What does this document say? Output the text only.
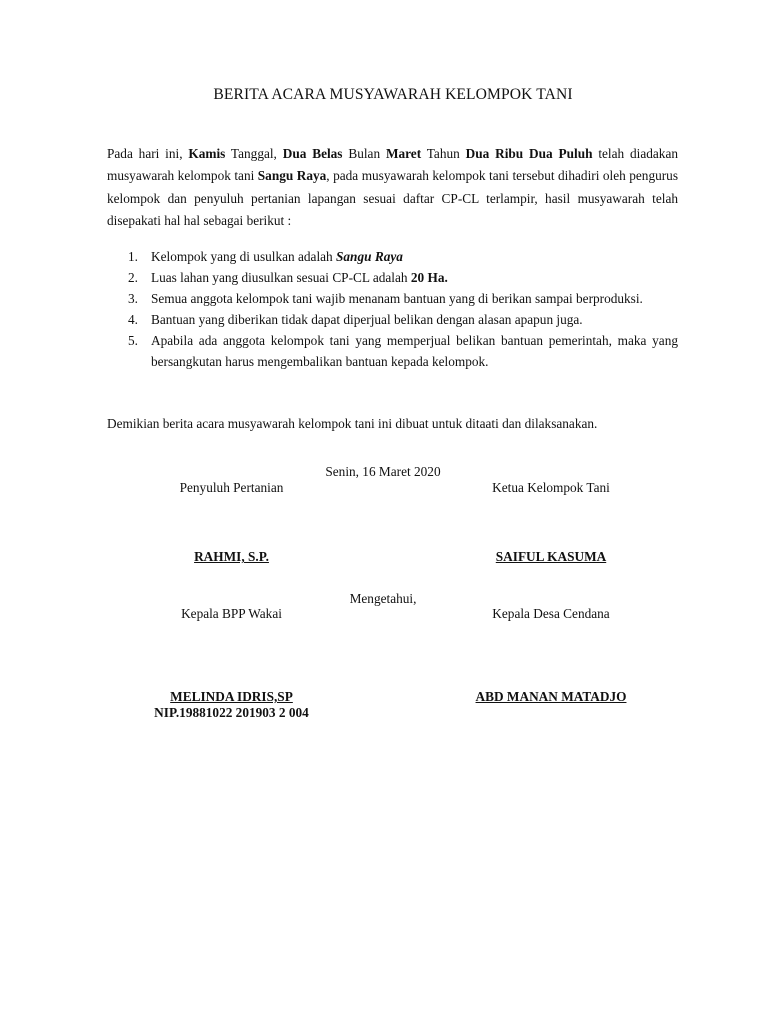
BERITA ACARA MUSYAWARAH KELOMPOK TANI
Pada hari ini, Kamis Tanggal, Dua Belas Bulan Maret Tahun Dua Ribu Dua Puluh telah diadakan musyawarah kelompok tani Sangu Raya, pada musyawarah kelompok tani tersebut dihadiri oleh pengurus kelompok dan penyuluh pertanian lapangan sesuai daftar CP-CL terlampir, hasil musyawarah telah disepakati hal hal sebagai berikut :
1. Kelompok yang di usulkan adalah Sangu Raya
2. Luas lahan yang diusulkan sesuai CP-CL adalah 20 Ha.
3. Semua anggota kelompok tani wajib menanam bantuan yang di berikan sampai berproduksi.
4. Bantuan yang diberikan tidak dapat diperjual belikan dengan alasan apapun juga.
5. Apabila ada anggota kelompok tani yang memperjual belikan bantuan pemerintah, maka yang bersangkutan harus mengembalikan bantuan kepada kelompok.
Demikian berita acara musyawarah kelompok tani ini dibuat untuk ditaati dan dilaksanakan.
Senin, 16 Maret 2020
Penyuluh Pertanian	Ketua Kelompok Tani
RAHMI, S.P.	SAIFUL KASUMA
Mengetahui,
Kepala BPP Wakai	Kepala Desa Cendana
MELINDA IDRIS,SP
NIP.19881022 201903 2 004
ABD MANAN MATADJO
